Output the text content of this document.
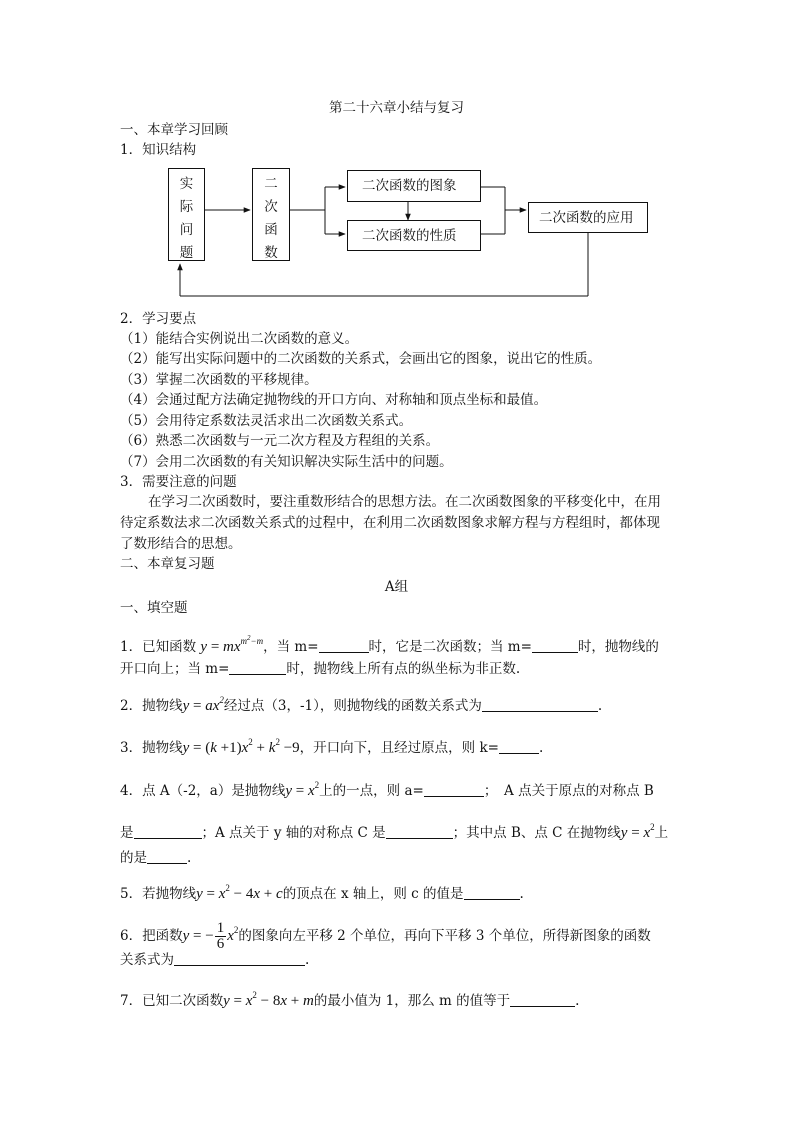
第二十六章小结与复习
一、本章学习回顾
1．知识结构
实
际
问
题
二
次
函
数
二次函数的图象
二次函数的性质
二次函数的应用
2．学习要点
（1）能结合实例说出二次函数的意义。
（2）能写出实际问题中的二次函数的关系式，会画出它的图象，说出它的性质。
（3）掌握二次函数的平移规律。
（4）会通过配方法确定抛物线的开口方向、对称轴和顶点坐标和最值。
（5）会用待定系数法灵活求出二次函数关系式。
（6）熟悉二次函数与一元二次方程及方程组的关系。
（7）会用二次函数的有关知识解决实际生活中的问题。
3．需要注意的问题
在学习二次函数时，要注重数形结合的思想方法。在二次函数图象的平移变化中，在用
待定系数法求二次函数关系式的过程中，在利用二次函数图象求解方程与方程组时，都体现
了数形结合的思想。
二、本章复习题
A组
一、填空题
1．已知函数 $y = mx^{m^2-m}$，当 m=	时，它是二次函数；当 m=	时，抛物线的
开口向上；当 m=	时，抛物线上所有点的纵坐标为非正数.
2．抛物线$y = ax^2$经过点（3，-1），则抛物线的函数关系式为	.
3．抛物线$y = (k +1)x^2 + k^2 -9$，开口向下，且经过原点，则 k=	.
4．点 A（-2，a）是抛物线$y = x^2$上的一点，则 a=	；　A 点关于原点的对称点 B
是	；A 点关于 y 轴的对称点 C 是	；其中点 B、点 C 在抛物线$y = x^2$上
的是	.
5．若抛物线$y = x^2 - 4x + c$的顶点在 x 轴上，则 c 的值是	.
6．把函数y = − $\frac{1}{6} x^2$的图象向左平移 2 个单位，再向下平移 3 个单位，所得新图象的函数
关系式为	.
7．已知二次函数$y = x^2 - 8x + m$的最小值为 1，那么 m 的值等于	.
